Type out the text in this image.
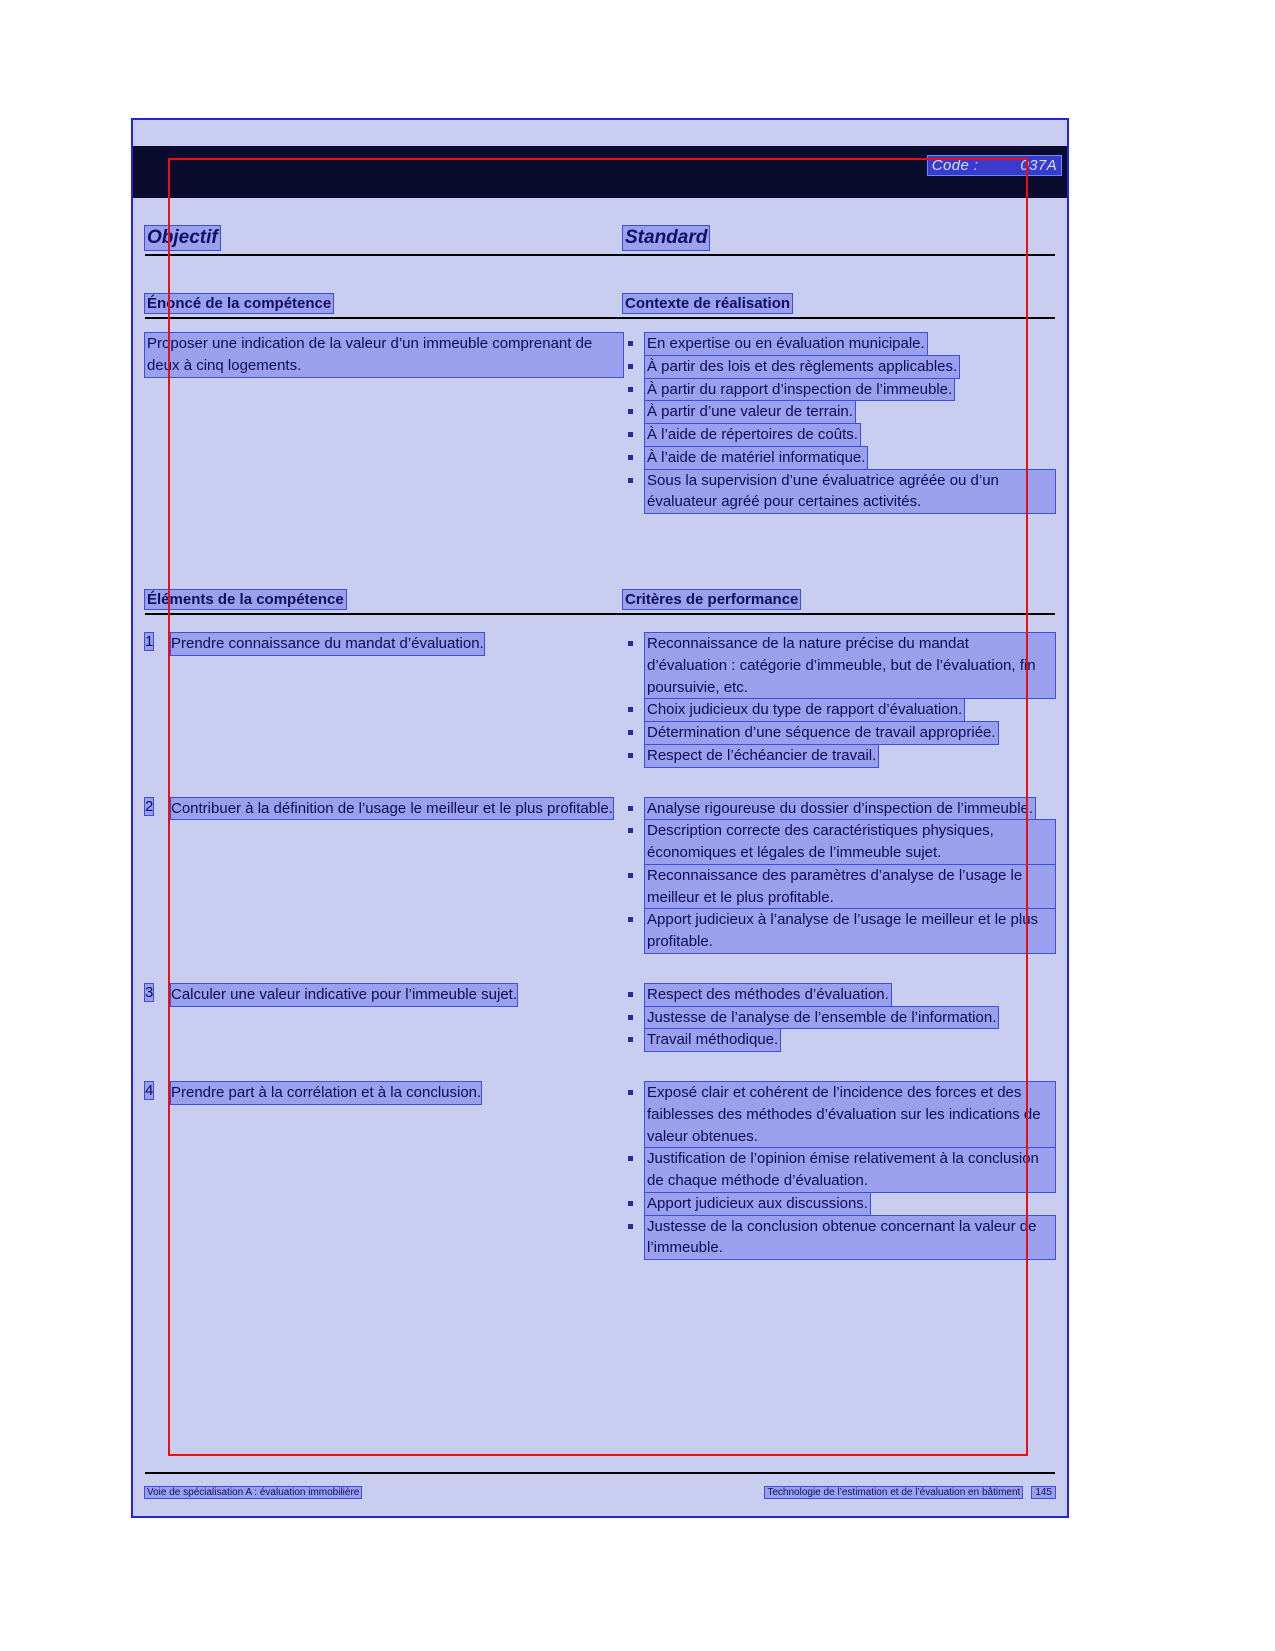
Code :	037A
Objectif	Standard
Énoncé de la compétence	Contexte de réalisation
Proposer une indication de la valeur d’un immeuble comprenant de deux à cinq logements.
En expertise ou en évaluation municipale.
À partir des lois et des règlements applicables.
À partir du rapport d’inspection de l’immeuble.
À partir d’une valeur de terrain.
À l’aide de répertoires de coûts.
À l’aide de matériel informatique.
Sous la supervision d’une évaluatrice agréée ou d’un évaluateur agréé pour certaines activités.
Éléments de la compétence	Critères de performance
1	Prendre connaissance du mandat d’évaluation.	Reconnaissance de la nature précise du mandat d’évaluation : catégorie d’immeuble, but de l’évaluation, fin poursuivie, etc.
Choix judicieux du type de rapport d’évaluation.
Détermination d’une séquence de travail appropriée.
Respect de l’échéancier de travail.
2	Contribuer à la définition de l’usage le meilleur et le plus profitable.	Analyse rigoureuse du dossier d’inspection de l’immeuble.
Description correcte des caractéristiques physiques, économiques et légales de l’immeuble sujet.
Reconnaissance des paramètres d’analyse de l’usage le meilleur et le plus profitable.
Apport judicieux à l’analyse de l’usage le meilleur et le plus profitable.
3	Calculer une valeur indicative pour l’immeuble sujet.	Respect des méthodes d’évaluation.
Justesse de l’analyse de l’ensemble de l’information.
Travail méthodique.
4	Prendre part à la corrélation et à la conclusion.	Exposé clair et cohérent de l’incidence des forces et des faiblesses des méthodes d’évaluation sur les indications de valeur obtenues.
Justification de l’opinion émise relativement à la conclusion de chaque méthode d’évaluation.
Apport judicieux aux discussions.
Justesse de la conclusion obtenue concernant la valeur de l’immeuble.
Voie de spécialisation A : évaluation immobilière	Technologie de l’estimation et de l’évaluation en bâtiment	145
